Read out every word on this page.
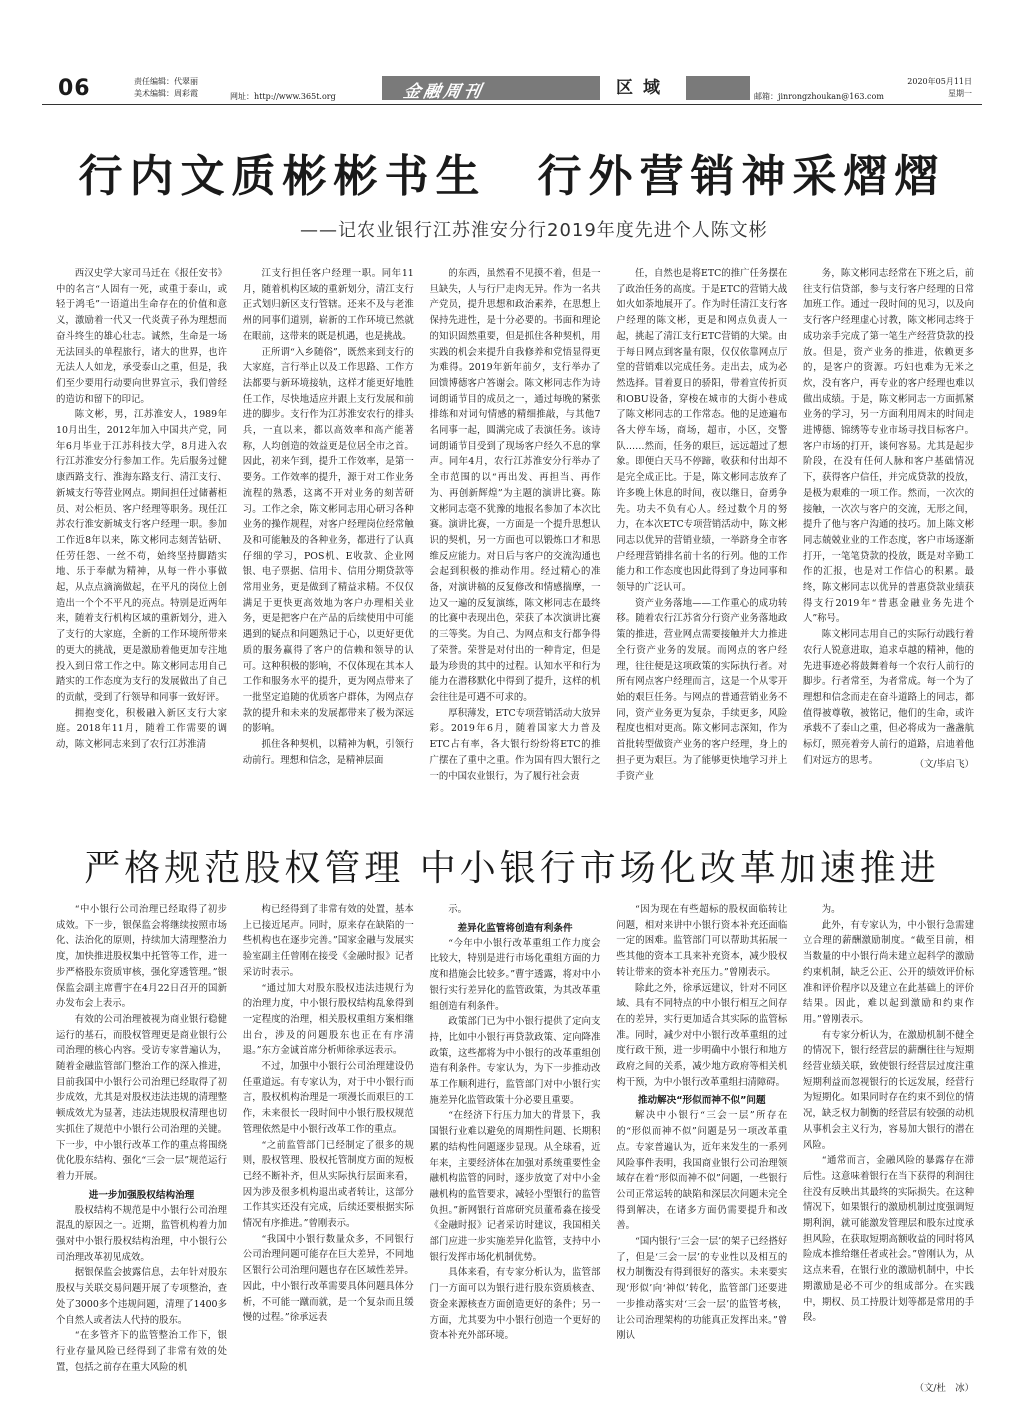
06	责任编辑：代翠丽
美术编辑：周彩霞	网址：http://www.365t.org	金融周刊	区域	邮箱：jinrongzhoukan@163.com
2020年05月11日
星期一
行内文质彬彬书生　行外营销神采熠熠
——记农业银行江苏淮安分行2019年度先进个人陈文彬

西汉史学大家司马迁在《报任安书》中的名言“人固有一死，或重于泰山，或轻于鸿毛”一语道出生命存在的价值和意义，激励着一代又一代炎黄子孙为理想而奋斗终生的雄心壮志。诚然，生命是一场无法回头的单程旅行，诸大的世界，也许无法人人如龙，承受泰山之重，但是，我们至少要用行动要向世界宣示，我们曾经的造访和留下的印记。

陈文彬，男，江苏淮安人，1989年10月出生，2012年加入中国共产党，同年6月毕业于江苏科技大学，8月进入农行江苏淮安分行参加工作。先后服务过健康西路支行、淮海东路支行、清江支行、新城支行等营业网点。期间担任过储蓄柜员、对公柜员、客户经理等职务。现任江苏农行淮安新城支行客户经理一职。参加工作近8年以来，陈文彬同志刻苦钻研、任劳任怨、一丝不苟，始终坚持脚踏实地、乐于奉献为精神，从每一件小事做起，从点点滴滴做起，在平凡的岗位上创造出一个个不平凡的亮点。特别是近两年来，随着支行机构区域的重新划分，进入了支行的大家庭，全新的工作环境所带来的更大的挑战，更是激励着他更加专注地投入到日常工作之中。陈文彬同志用自己踏实的工作态度为支行的发展做出了自己的贡献，受到了行领导和同事一致好评。

拥抱变化，积极融入新区支行大家庭。2018年11月，随着工作需要的调动，陈文彬同志来到了农行江苏淮清

江支行担任客户经理一职。同年11月，随着机构区域的重新划分，清江支行正式划归新区支行管辖。还来不及与老淮州的同事们道别，崭新的工作环境已然就在眼前，这带来的既是机遇，也是挑战。

正所谓“入乡随俗”，既然来到支行的大家庭，言行举止以及工作思路、工作方法都要与新环境接轨，这样才能更好地胜任工作，尽快地适应并跟上支行发展和前进的脚步。支行作为江苏淮安农行的排头兵，一直以来，都以高效率和高产能著称，人均创造的效益更是位居全市之首。因此，初来乍到，提升工作效率，是第一要务。工作效率的提升，源于对工作业务流程的熟悉，这离不开对业务的刻苦研习。工作之余，陈文彬同志用心研习各种业务的操作规程，对客户经理岗位经常触及和可能触及的各种业务，都进行了认真仔细的学习，POS机、E收款、企业网银、电子票据、信用卡、信用分期贷款等常用业务，更是做到了精益求精。不仅仅满足于更快更高效地为客户办理相关业务，更是把客户在产品的后续使用中可能遇到的疑点和问题熟记于心，以更好更优质的服务赢得了客户的信赖和领导的认可。这种积极的影响，不仅体现在其本人工作和服务水平的提升，更为网点带来了一批坚定追随的优质客户群体，为网点存款的提升和未来的发展都带来了极为深远的影响。

抓住各种契机，以精神为帆，引领行动前行。理想和信念，是精神层面

的东西，虽然看不见摸不着，但是一旦缺失，人与行尸走肉无异。作为一名共产党员，提升思想和政治素养，在思想上保持先进性，是十分必要的。书面和理论的知识固然重要，但是抓住各种契机，用实践的机会来提升自我修养和党悟显得更为难得。2019年新年前夕，支行举办了回馈博德客户答谢会。陈文彬同志作为诗词朗诵节目的成员之一，通过每晚的紧张排练和对词句情感的精细推敲，与其他7名同事一起，圆满完成了表演任务。该诗词朗诵节目受到了现场客户经久不息的掌声。同年4月，农行江苏淮安分行举办了全市范围的以“再出发、再担当、再作为、再创新辉煌”为主题的演讲比赛。陈文彬同志毫不犹豫的地报名参加了本次比赛。演讲比赛，一方面是一个提升思想认识的契机，另一方面也可以锻炼口才和思维反应能力。对日后与客户的交流沟通也会起到积极的推动作用。经过精心的准备，对演讲稿的反复修改和情感揣摩，一边又一遍的反复演练，陈文彬同志在最终的比赛中表现出色，荣获了本次演讲比赛的三等奖。为自己、为网点和支行都争得了荣誉。荣誉是对付出的一种肯定，但是最为珍贵的其中的过程。认知水平和行为能力在潜移默化中得到了提升，这样的机会往往是可遇不可求的。

厚积薄发，ETC专项营销活动大放异彩。2019年6月，随着国家大力普及ETC占有率，各大银行纷纷将ETC的推广摆在了重中之重。作为国有四大银行之一的中国农业银行，为了履行社会责

任，自然也是将ETC的推广任务摆在了政治任务的高度。于是ETC的营销大战如火如荼地展开了。作为时任清江支行客户经理的陈文彬，更是和网点负责人一起，挑起了清江支行ETC营销的大梁。由于每日网点到客量有限，仅仅依靠网点厅堂的营销难以完成任务。走出去，成为必然选择。冒着夏日的骄阳，带着宣传折页和OBU设备，穿梭在城市的大街小巷成了陈文彬同志的工作常态。他的足迹遍布各大停车场，商场，超市，小区，交警队……然而，任务的艰巨，远远超过了想象。即便白天马不停蹄，收获和付出却不是完全成正比。于是，陈文彬同志放弃了许多晚上休息的时间，夜以继日，奋勇争先。功夫不负有心人。经过数个月的努力，在本次ETC专项营销活动中，陈文彬同志以优异的营销业绩，一举跻身全市客户经理营销排名前十名的行列。他的工作能力和工作态度也因此得到了身边同事和领导的广泛认可。

资产业务落地——工作重心的成功转移。随着农行江苏省分行资产业务落地政策的推进，营业网点需要接触并大力推进全行资产业务的发展。而网点的客户经理，往往便是这项政策的实际执行者。对所有网点客户经理而言，这是一个从零开始的艰巨任务。与网点的普通营销业务不同，资产业务更为复杂，手续更多，风险程度也相对更高。陈文彬同志深知，作为首批转型做资产业务的客户经理，身上的担子更为艰巨。为了能够更快地学习并上手资产业

务，陈文彬同志经常在下班之后，前往支行信贷部，参与支行客户经理的日常加班工作。通过一段时间的见习，以及向支行客户经理虚心讨教，陈文彬同志终于成功亲手完成了第一笔生产经营贷款的投放。但是，资产业务的推进，依赖更多的，是客户的资源。巧妇也难为无米之炊，没有客户，再专业的客户经理也难以做出成绩。于是，陈文彬同志一方面抓紧业务的学习，另一方面利用周末的时间走进博德、锦绣等专业市场寻找目标客户。客户市场的打开，谈何容易。尤其是起步阶段，在没有任何人脉和客户基础情况下，获得客户信任，并完成贷款的投放，是极为艰难的一项工作。然而，一次次的接触，一次次与客户的交流，无形之间，提升了他与客户沟通的技巧。加上陈文彬同志兢兢业业的工作态度，客户市场逐渐打开，一笔笔贷款的投放，既是对辛勤工作的汇报，也是对工作信心的积累。最终，陈文彬同志以优异的普惠贷款业绩获得支行2019年“普惠金融业务先进个人”称号。

陈文彬同志用自己的实际行动践行着农行人锐意进取，追求卓越的精神，他的先进事迹必将鼓舞着每一个农行人前行的脚步。行者常至，为者常成。每一个为了理想和信念而走在奋斗道路上的同志，都值得被尊敬，被铭记，他们的生命，或许承载不了泰山之重，但必将成为一盏盏航标灯，照亮着旁人前行的道路，启迪着他们对远方的思考。	（文/毕启飞）
严格规范股权管理 中小银行市场化改革加速推进

“中小银行公司治理已经取得了初步成效。下一步，银保监会将继续按照市场化、法治化的原则，持续加大清理整治力度，加快推进股权集中托管等工作，进一步严格股东资质审核，强化穿透管理。”银保监会副主席曹宇在4月22日召开的国新办发布会上表示。

有效的公司治理被视为商业银行稳健运行的基石，而股权管理更是商业银行公司治理的核心内容。受访专家普遍认为，随着金融监管部门整治工作的深入推进，目前我国中小银行公司治理已经取得了初步成效，尤其是对股权违法违规的清理整顿成效尤为显著，违法违规股权清理也切实抓住了规范中小银行公司治理的关键。下一步，中小银行改革工作的重点将围绕优化股东结构、强化“三会一层”规范运行着力开展。

进一步加强股权结构治理

股权结构不规范是中小银行公司治理混乱的原因之一。近期，监管机构着力加强对中小银行股权结构治理，中小银行公司治理改革初见成效。

据银保监会披露信息，去年针对股东股权与关联交易问题开展了专项整治，查处了3000多个违规问题，清理了1400多个自然人或者法人代持的股东。

“在多管齐下的监管整治工作下，银行业存量风险已经得到了非常有效的处置，包括之前存在重大风险的机

构已经得到了非常有效的处置，基本上已接近尾声。同时，原来存在缺陷的一些机构也在逐步完善。”国家金融与发展实验室副主任曾刚在接受《金融时报》记者采访时表示。

“通过加大对股东股权违法违规行为的治理力度，中小银行股权结构乱象得到一定程度的治理，相关股权重组方案相继出台，涉及的问题股东也正在有序清退。”东方金诚首席分析师徐承远表示。

不过，加强中小银行公司治理建设仍任重道远。有专家认为，对于中小银行而言，股权机构治理是一项漫长而艰巨的工作，未来很长一段时间中小银行股权规范管理依然是中小银行改革工作的重点。

“之前监管部门已经制定了很多的规则，股权管理、股权托管制度方面的短板已经不断补齐，但从实际执行层面来看，因为涉及很多机构退出或者转让，这部分工作其实还没有完成，后续还要根据实际情况有序推进。”曾刚表示。

“我国中小银行数量众多，不同银行公司治理问题可能存在巨大差异，不同地区银行公司治理问题也存在区域性差异。因此，中小银行改革需要具体问题具体分析，不可能一蹴而就，是一个复杂而且缓慢的过程。”徐承远表

示。

差异化监管将创造有利条件

“今年中小银行改革重组工作力度会比较大，特别是进行市场化重组方面的力度和措施会比较多。”曹宇透露，将对中小银行实行差异化的监管政策，为其改革重组创造有利条件。

政策部门已为中小银行提供了定向支持，比如中小银行再贷款政策、定向降准政策，这些都将为中小银行的改革重组创造有利条件。专家认为，为下一步推动改革工作顺利进行，监管部门对中小银行实施差异化监管政策十分必要且重要。

“在经济下行压力加大的背景下，我国银行业难以避免的周期性问题、长期积累的结构性问题逐步显现。从全球看，近年来，主要经济体在加强对系统重要性金融机构监管的同时，逐步放宽了对中小金融机构的监管要求，减轻小型银行的监管负担。”新网银行首席研究员董希淼在接受《金融时报》记者采访时建议，我国相关部门应进一步实施差异化监管，支持中小银行发挥市场化机制优势。

具体来看，有专家分析认为，监管部门一方面可以为银行进行股东资质核查、资金来源核查方面创造更好的条件；另一方面，尤其要为中小银行创造一个更好的资本补充外部环境。

“因为现在有些超标的股权面临转让问题，相对来讲中小银行资本补充还面临一定的困难。监管部门可以帮助其拓展一些其他的资本工具来补充资本，减少股权转让带来的资本补充压力。”曾刚表示。

除此之外，徐承远建议，针对不同区域、具有不同特点的中小银行相互之间存在的差异，实行更加适合其实际的监管标准。同时，减少对中小银行改革重组的过度行政干预，进一步明确中小银行和地方政府之间的关系，减少地方政府等相关机构干预，为中小银行改革重组扫清障碍。

推动解决“形似而神不似”问题

解决中小银行“三会一层”所存在的“形似而神不似”问题是另一项改革重点。专家普遍认为，近年来发生的一系列风险事件表明，我国商业银行公司治理领域存在着“形似而神不似”问题，一些银行公司正常运转的缺陷和深层次问题未完全得到解决，在诸多方面仍需要提升和改善。

“国内银行‘三会一层’的架子已经搭好了，但是‘三会一层’的专业性以及相互的权力制衡没有得到很好的落实。未来要实现‘形似’向‘神似’转化，监管部门还要进一步推动落实对‘三会一层’的监管考核，让公司治理架构的功能真正发挥出来。”曾刚认

为。

此外，有专家认为，中小银行急需建立合理的薪酬激励制度。“截至目前，相当数量的中小银行尚未建立起科学的激励约束机制，缺乏公正、公开的绩效评价标准和评价程序以及建立在此基础上的评价结果。因此，难以起到激励和约束作用。”曾刚表示。

有专家分析认为，在激励机制不健全的情况下，银行经营层的薪酬往往与短期经营业绩关联，致使银行经营层过度注重短期利益而忽视银行的长远发展，经营行为短期化。如果同时存在约束不到位的情况，缺乏权力制衡的经营层有较强的动机从事机会主义行为，容易加大银行的潜在风险。

“通常而言，金融风险的暴露存在滞后性。这意味着银行在当下获得的利润往往没有反映出其最终的实际损失。在这种情况下，如果银行的激励机制过度强调短期利润，就可能激发管理层和股东过度承担风险，在获取短期高额收益的同时将风险成本推给继任者或社会。”曾刚认为，从这点来看，在银行业的激励机制中，中长期激励是必不可少的组成部分。在实践中，期权、员工持股计划等都是常用的手段。

（文/杜　冰）
